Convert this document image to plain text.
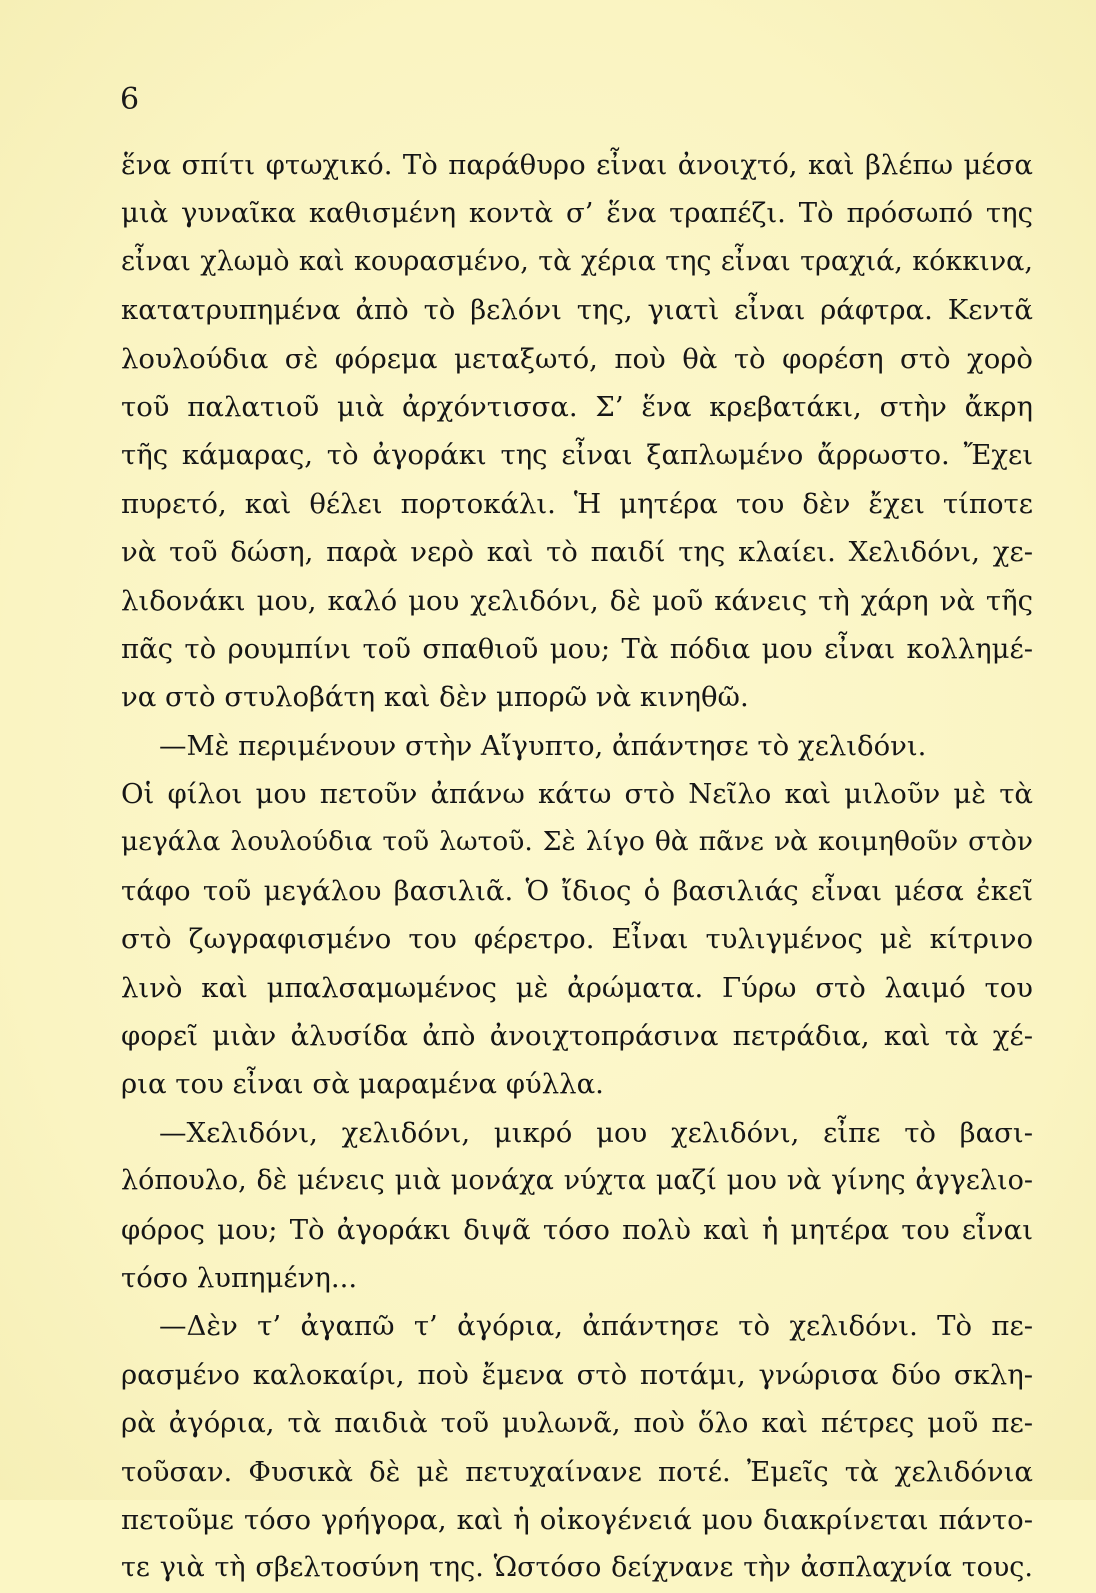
6
ἕνα σπίτι φτωχικό. Τὸ παράθυρο εἶναι ἀνοιχτό, καὶ βλέπω μέσα
μιὰ γυναῖκα καθισμένη κοντὰ σ’ ἕνα τραπέζι. Τὸ πρόσωπό της
εἶναι χλωμὸ καὶ κουρασμένο, τὰ χέρια της εἶναι τραχιά, κόκκινα,
κατατρυπημένα ἀπὸ τὸ βελόνι της, γιατὶ εἶναι ράφτρα. Κεντᾶ
λουλούδια σὲ φόρεμα μεταξωτό, ποὺ θὰ τὸ φορέση στὸ χορὸ
τοῦ παλατιοῦ μιὰ ἀρχόντισσα. Σ’ ἕνα κρεβατάκι, στὴν ἄκρη
τῆς κάμαρας, τὸ ἀγοράκι της εἶναι ξαπλωμένο ἄρρωστο. Ἔχει
πυρετό, καὶ θέλει πορτοκάλι. Ἡ μητέρα του δὲν ἔχει τίποτε
νὰ τοῦ δώση, παρὰ νερὸ καὶ τὸ παιδί της κλαίει. Χελιδόνι, χε-
λιδονάκι μου, καλό μου χελιδόνι, δὲ μοῦ κάνεις τὴ χάρη νὰ τῆς
πᾶς τὸ ρουμπίνι τοῦ σπαθιοῦ μου; Τὰ πόδια μου εἶναι κολλημέ-
να στὸ στυλοβάτη καὶ δὲν μπορῶ νὰ κινηθῶ.
—Μὲ περιμένουν στὴν Αἴγυπτο, ἀπάντησε τὸ χελιδόνι.
Οἱ φίλοι μου πετοῦν ἀπάνω κάτω στὸ Νεῖλο καὶ μιλοῦν μὲ τὰ
μεγάλα λουλούδια τοῦ λωτοῦ. Σὲ λίγο θὰ πᾶνε νὰ κοιμηθοῦν στὸν
τάφο τοῦ μεγάλου βασιλιᾶ. Ὁ ἴδιος ὁ βασιλιάς εἶναι μέσα ἐκεῖ
στὸ ζωγραφισμένο του φέρετρο. Εἶναι τυλιγμένος μὲ κίτρινο
λινὸ καὶ μπαλσαμωμένος μὲ ἀρώματα. Γύρω στὸ λαιμό του
φορεῖ μιὰν ἀλυσίδα ἀπὸ ἀνοιχτοπράσινα πετράδια, καὶ τὰ χέ-
ρια του εἶναι σὰ μαραμένα φύλλα.
—Χελιδόνι, χελιδόνι, μικρό μου χελιδόνι, εἶπε τὸ βασι-
λόπουλο, δὲ μένεις μιὰ μονάχα νύχτα μαζί μου νὰ γίνης ἀγγελιο-
φόρος μου; Τὸ ἀγοράκι διψᾶ τόσο πολὺ καὶ ἡ μητέρα του εἶναι
τόσο λυπημένη...
—Δὲν τ’ ἀγαπῶ τ’ ἀγόρια, ἀπάντησε τὸ χελιδόνι. Τὸ πε-
ρασμένο καλοκαίρι, ποὺ ἔμενα στὸ ποτάμι, γνώρισα δύο σκλη-
ρὰ ἀγόρια, τὰ παιδιὰ τοῦ μυλωνᾶ, ποὺ ὅλο καὶ πέτρες μοῦ πε-
τοῦσαν. Φυσικὰ δὲ μὲ πετυχαίνανε ποτέ. Ἐμεῖς τὰ χελιδόνια
πετοῦμε τόσο γρήγορα, καὶ ἡ οἰκογένειά μου διακρίνεται πάντο-
τε γιὰ τὴ σβελτοσύνη της. Ὡστόσο δείχνανε τὴν ἀσπλαχνία τους.
